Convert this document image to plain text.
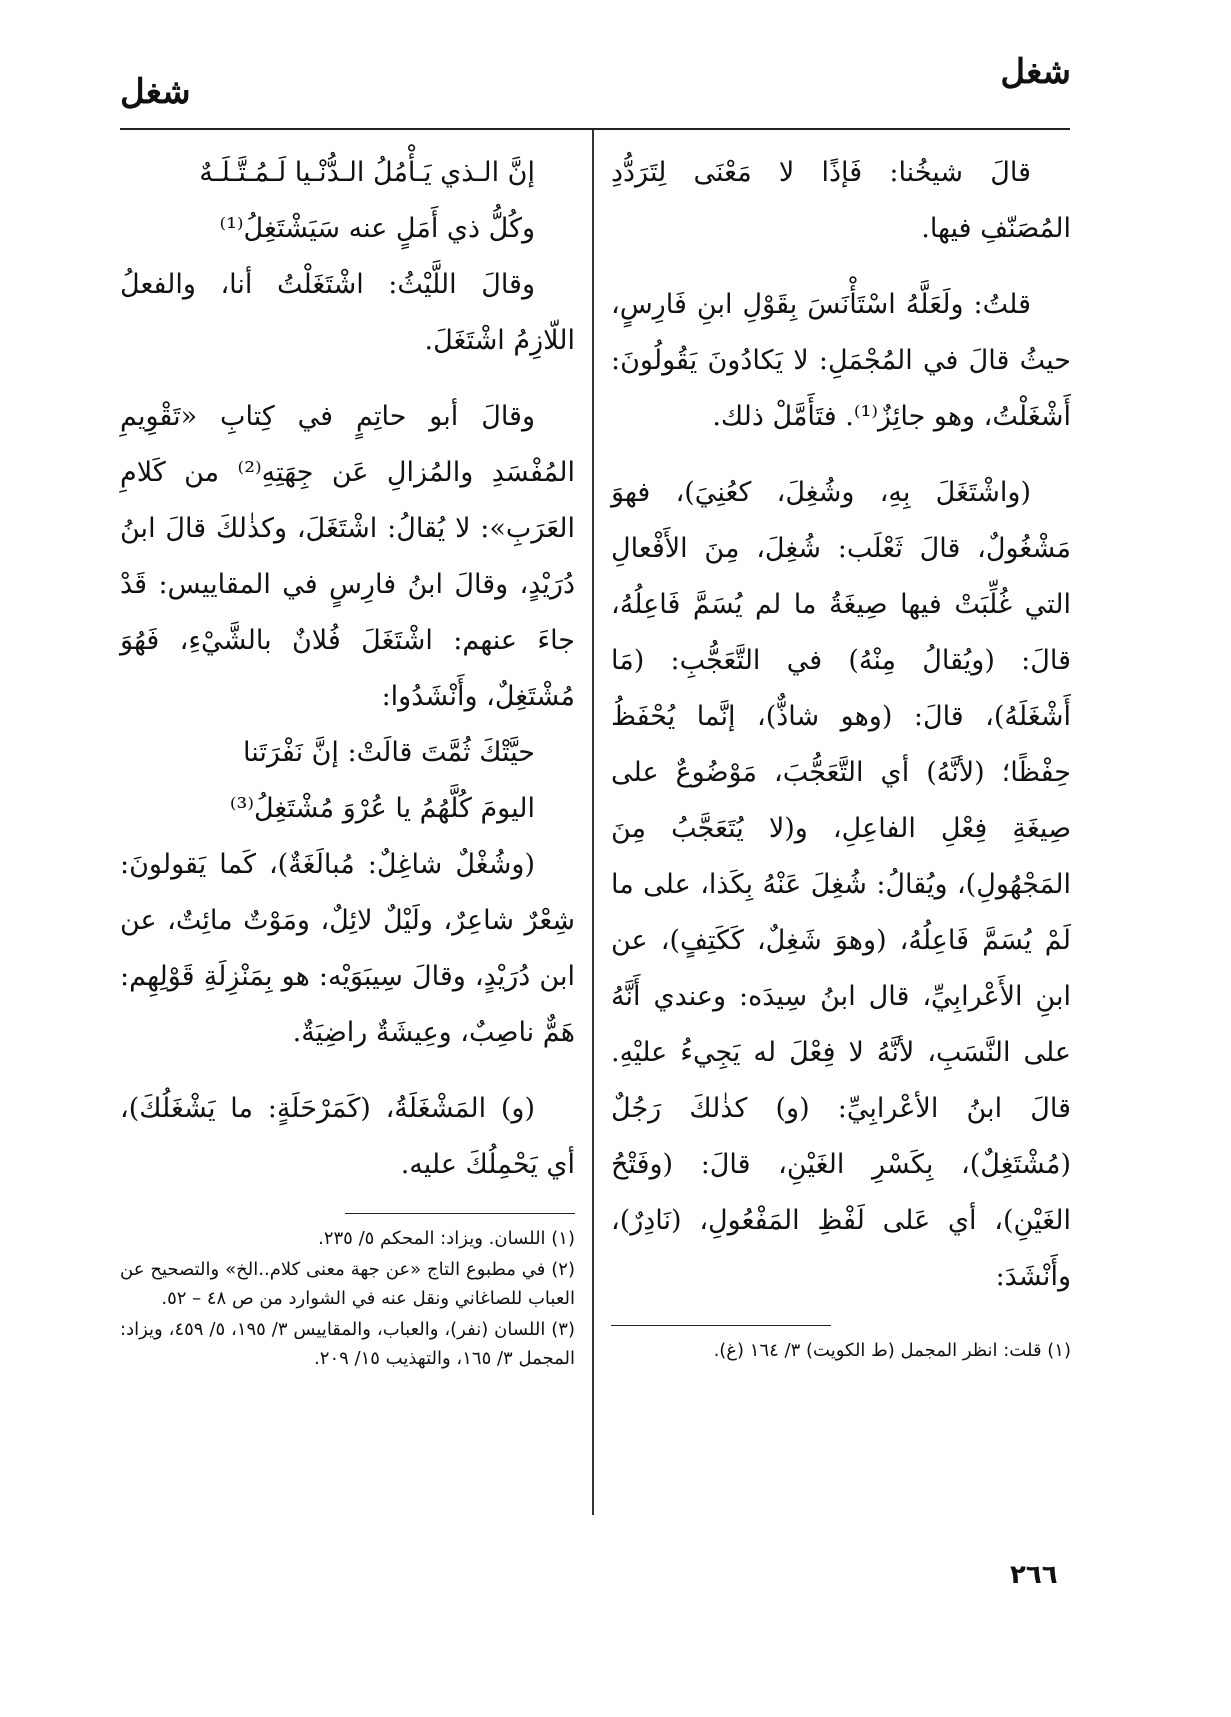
شغل
شغل

قالَ شيخُنا: فَإذًا لا مَعْنَى لِتَرَدُّدِ المُصَنّفِ فيها.

قلتُ: ولَعَلَّهُ اسْتَأْنَسَ بِقَوْلِ ابنِ فَارِسٍ، حيثُ قالَ في المُجْمَلِ: لا يَكادُونَ يَقُولُونَ: أَشْغَلْتُ، وهو جائِزٌ⁽¹⁾. فتَأَمَّلْ ذلك.

(واشْتَغَلَ بِهِ، وشُغِلَ، كعُنِيَ)، فهوَ مَشْغُولٌ، قالَ ثَعْلَب: شُغِلَ، مِنَ الأَفْعالِ التي غُلِّبَتْ فيها صِيغَةُ ما لم يُسَمَّ فَاعِلُهُ، قالَ: (ويُقالُ مِنْهُ) في التَّعَجُّبِ: (مَا أَشْغَلَهُ)، قالَ: (وهو شاذٌّ)، إنَّما يُحْفَظُ حِفْظًا؛ (لأنَّهُ) أي التَّعَجُّبَ، مَوْضُوعٌ على صِيغَةِ فِعْلِ الفاعِلِ، و(لا يُتَعَجَّبُ مِنَ المَجْهُولِ)، ويُقالُ: شُغِلَ عَنْهُ بِكَذا، على ما لَمْ يُسَمَّ فَاعِلُهُ، (وهوَ شَغِلٌ، كَكَتِفٍ)، عن ابنِ الأَعْرابِيِّ، قال ابنُ سِيدَه: وعندي أَنَّهُ على النَّسَبِ، لأنَّهُ لا فِعْلَ له يَجِيءُ عليْهِ. قالَ ابنُ الأعْرابِيِّ: (و) كذٰلكَ رَجُلٌ (مُشْتَغِلٌ)، بِكَسْرِ الغَيْنِ، قالَ: (وفَتْحُ الغَيْنِ)، أي عَلى لَفْظِ المَفْعُولِ، (نَادِرٌ)، وأَنْشَدَ:

(١) قلت: انظر المجمل (ط الكويت) ٣/ ١٦٤ (غ).

إنَّ الـذي يَـأْمُلُ الـدُّنْـيا لَـمُـتَّـلَـهٌ

وكُلُّ ذي أَمَلٍ عنه سَيَشْتَغِلُ⁽¹⁾

وقالَ اللَّيْثُ: اشْتَغَلْتُ أنا، والفعلُ اللّازِمُ اشْتَغَلَ.

وقالَ أبو حاتِمٍ في كِتابِ «تَقْوِيمِ المُفْسَدِ والمُزالِ عَن جِهَتِهِ⁽²⁾ من كَلامِ العَرَبِ»: لا يُقالُ: اشْتَغَلَ، وكذٰلكَ قالَ ابنُ دُرَيْدٍ، وقالَ ابنُ فارِسٍ في المقاييس: قَدْ جاءَ عنهم: اشْتَغَلَ فُلانٌ بالشَّيْءِ، فَهُوَ مُشْتَغِلٌ، وأَنْشَدُوا:

حيَّتْكَ ثُمَّتَ قالَتْ: إنَّ نَفْرَتَنا

اليومَ كُلَّهُمُ يا عُرْوَ مُشْتَغِلُ⁽³⁾

(وشُغْلٌ شاغِلٌ: مُبالَغَةٌ)، كَما يَقولونَ: شِعْرٌ شاعِرٌ، ولَيْلٌ لائِلٌ، ومَوْتٌ مائِتٌ، عن ابن دُرَيْدٍ، وقالَ سِيبَوَيْه: هو بِمَنْزِلَةِ قَوْلِهِم: هَمٌّ ناصِبٌ، وعِيشَةٌ راضِيَةٌ.

(و) المَشْغَلَةُ، (كَمَرْحَلَةٍ: ما يَشْغَلُكَ)، أي يَحْمِلُكَ عليه.

(١) اللسان. ويزاد: المحكم ٥/ ٢٣٥.

(٢) في مطبوع التاج «عن جهة معنى كلام..الخ» والتصحيح عن العباب للصاغاني ونقل عنه في الشوارد من ص ٤٨ – ٥٢.

(٣) اللسان (نفر)، والعباب، والمقاييس ٣/ ١٩٥، ٥/ ٤٥٩، ويزاد: المجمل ٣/ ١٦٥، والتهذيب ١٥/ ٢٠٩.

٢٦٦
